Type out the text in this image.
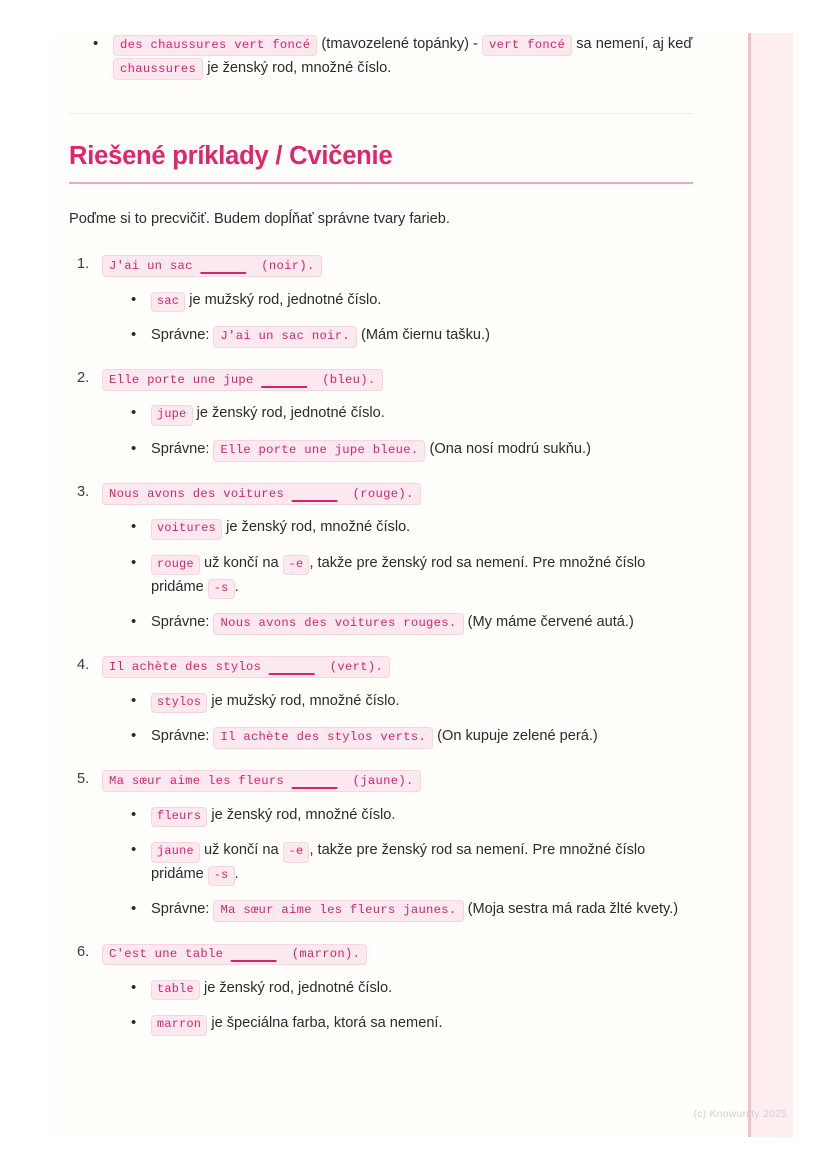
• des chaussures vert foncé (tmavozelené topánky) - vert foncé sa nemení, aj keď chaussures je ženský rod, množné číslo.
Riešené príklady / Cvičenie

Poďme si to precvičiť. Budem dopĺňať správne tvary farieb.

J'ai un sac	(noir).
• sac je mužský rod, jednotné číslo.
• Správne: J'ai un sac noir. (Mám čiernu tašku.)
Elle porte une jupe	(bleu).
• jupe je ženský rod, jednotné číslo.
• Správne: Elle porte une jupe bleue. (Ona nosí modrú sukňu.)
Nous avons des voitures	(rouge).
• voitures je ženský rod, množné číslo.
• rouge už končí na -e , takže pre ženský rod sa nemení. Pre množné číslo pridáme -s .
• Správne: Nous avons des voitures rouges. (My máme červené autá.)
Il achète des stylos	(vert).
• stylos je mužský rod, množné číslo.
• Správne: Il achète des stylos verts. (On kupuje zelené perá.)
Ma sœur aime les fleurs	(jaune).
• fleurs je ženský rod, množné číslo.
• jaune už končí na -e , takže pre ženský rod sa nemení. Pre množné číslo pridáme -s .
• Správne: Ma sœur aime les fleurs jaunes. (Moja sestra má rada žlté kvety.)
C'est une table	(marron).
• table je ženský rod, jednotné číslo.
• marron je špeciálna farba, ktorá sa nemení.
(c) Knowunity 2025
